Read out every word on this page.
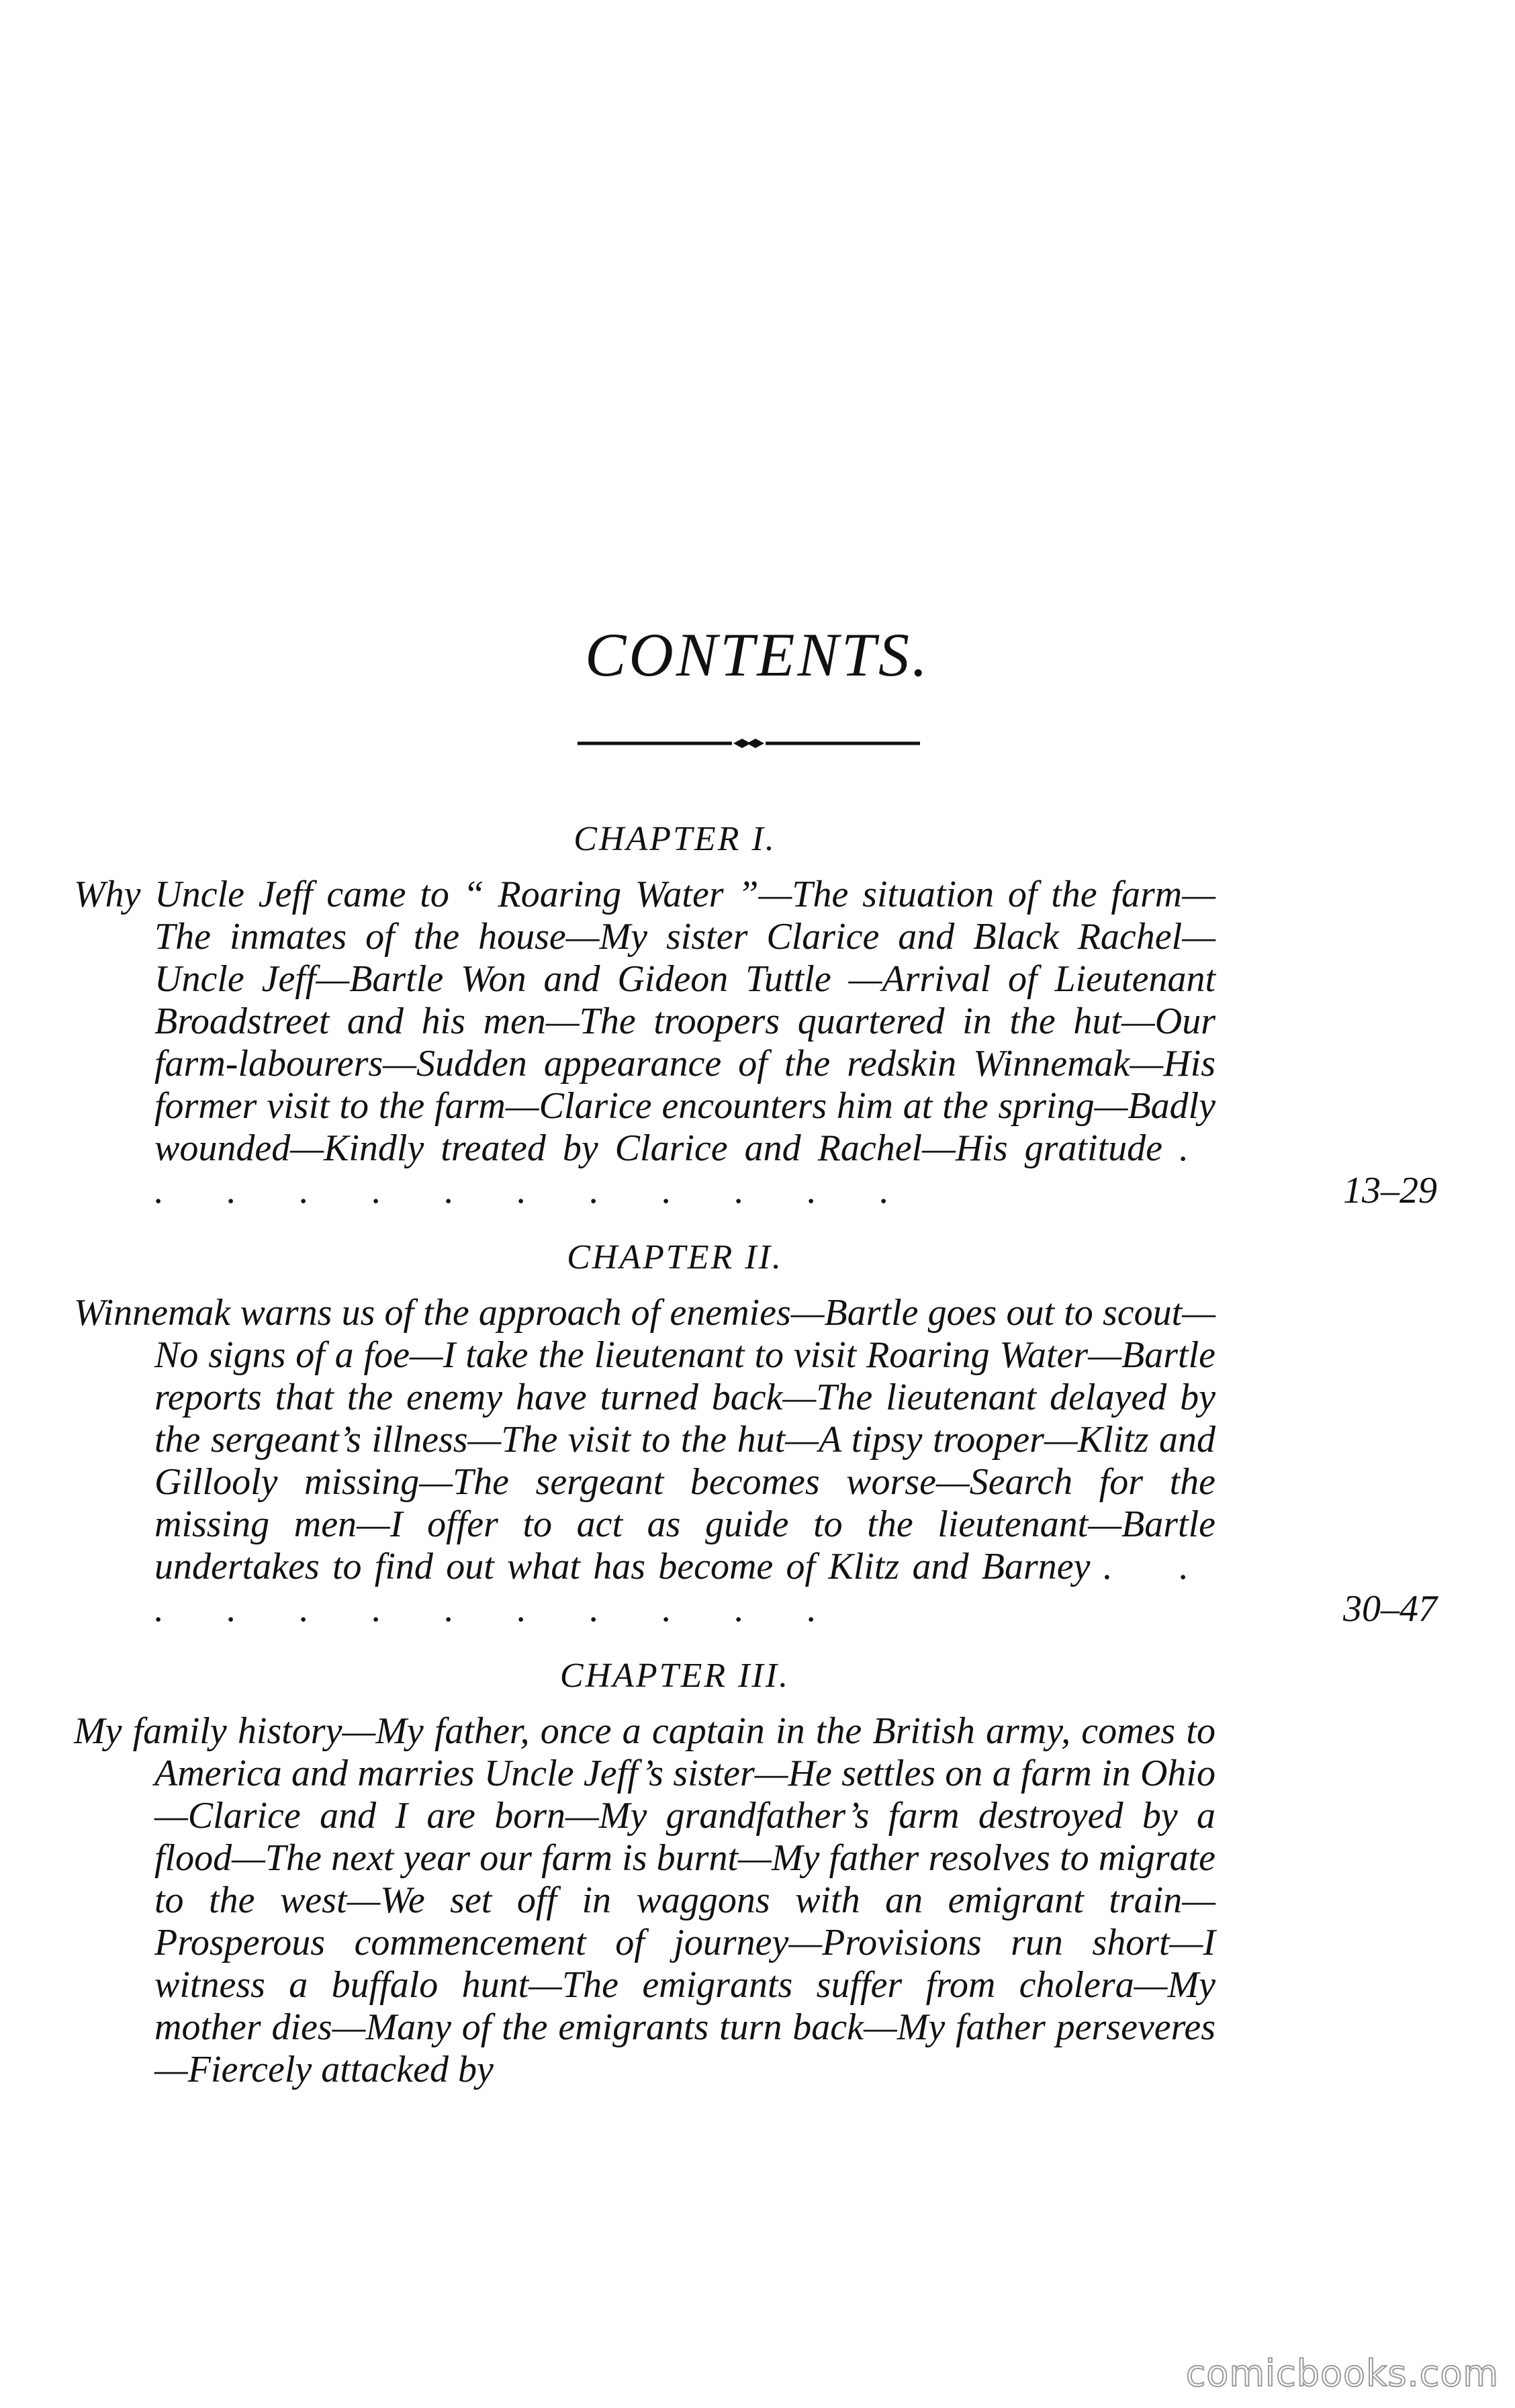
CONTENTS.
CHAPTER I.
Why Uncle Jeff came to “ Roaring Water ”—The situation of the farm—The inmates of the house—My sister Clarice and Black Rachel—Uncle Jeff—Bartle Won and Gideon Tuttle —Arrival of Lieutenant Broadstreet and his men—The troopers quartered in the hut—Our farm-labourers—Sudden appearance of the redskin Winnemak—His former visit to the farm—Clarice encounters him at the spring—Badly wounded—Kindly treated by Clarice and Rachel—His gratitude . . . . . . . . . . . .	13–29
CHAPTER II.
Winnemak warns us of the approach of enemies—Bartle goes out to scout—No signs of a foe—I take the lieutenant to visit Roaring Water—Bartle reports that the enemy have turned back—The lieutenant delayed by the sergeant’s illness—The visit to the hut—A tipsy trooper—Klitz and Gillooly missing—The sergeant becomes worse—Search for the missing men—I offer to act as guide to the lieutenant—Bartle undertakes to find out what has become of Klitz and Barney . . . . . . . . . . . .	30–47
CHAPTER III.
My family history—My father, once a captain in the British army, comes to America and marries Uncle Jeff’s sister—He settles on a farm in Ohio—Clarice and I are born—My grandfather’s farm destroyed by a flood—The next year our farm is burnt—My father resolves to migrate to the west—We set off in waggons with an emigrant train—Prosperous commencement of journey—Provisions run short—I witness a buffalo hunt—The emigrants suffer from cholera—My mother dies—Many of the emigrants turn back—My father perseveres—Fiercely attacked by
comicbooks.com
